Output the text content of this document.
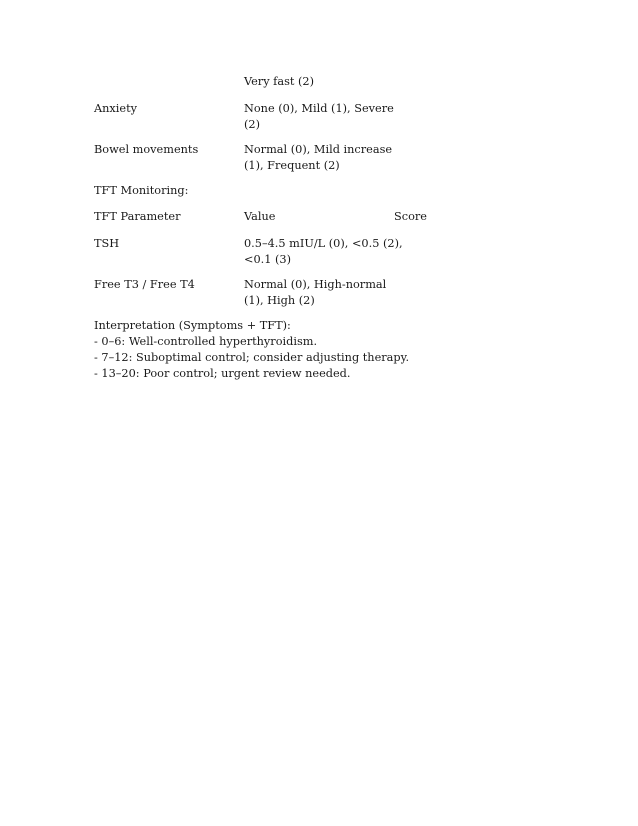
Very fast (2)
Anxiety	None (0), Mild (1), Severe
(2)
Bowel movements	Normal (0), Mild increase
(1), Frequent (2)
TFT Monitoring:
TFT Parameter	Value	Score
TSH	0.5–4.5 mIU/L (0), <0.5 (2),
<0.1 (3)
Free T3 / Free T4	Normal (0), High-normal
(1), High (2)
Interpretation (Symptoms + TFT):
- 0–6: Well-controlled hyperthyroidism.
- 7–12: Suboptimal control; consider adjusting therapy.
- 13–20: Poor control; urgent review needed.
